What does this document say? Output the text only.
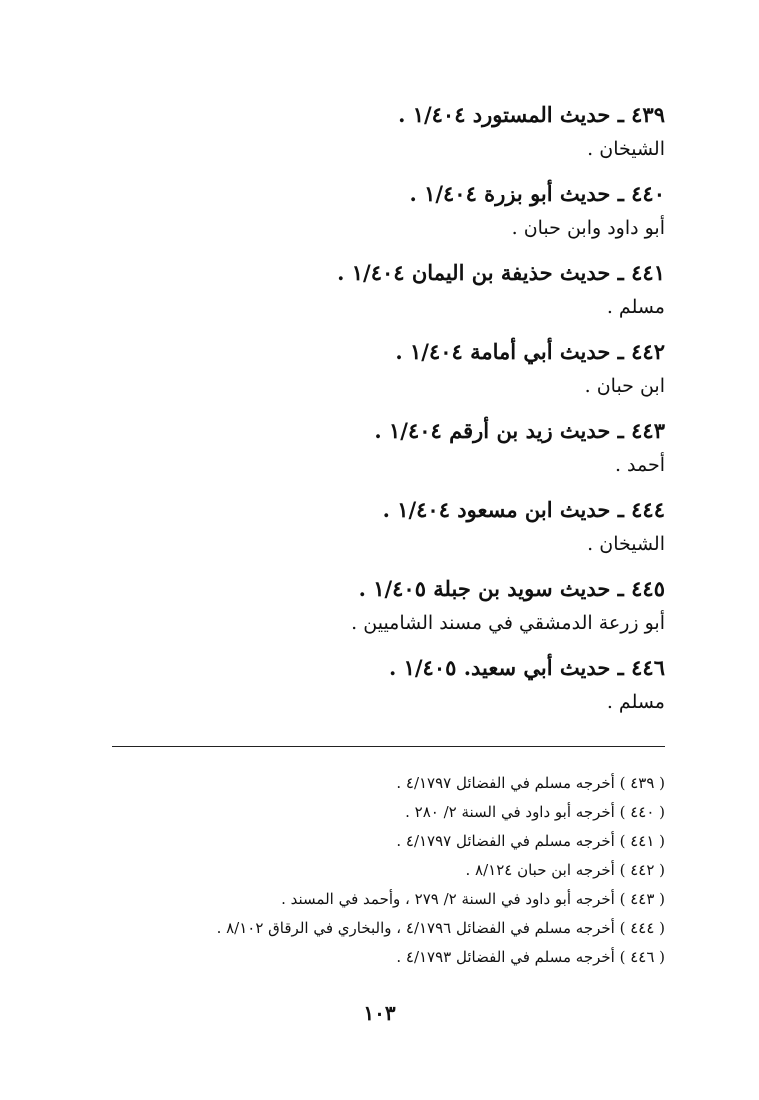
٤٣٩ ـ حديث المستورد ١/٤٠٤ .
الشيخان .
٤٤٠ ـ حديث أبو بزرة ١/٤٠٤ .
أبو داود وابن حبان .
٤٤١ ـ حديث حذيفة بن اليمان ١/٤٠٤ .
مسلم .
٤٤٢ ـ حديث أبي أمامة ١/٤٠٤ .
ابن حبان .
٤٤٣ ـ حديث زيد بن أرقم ١/٤٠٤ .
أحمد .
٤٤٤ ـ حديث ابن مسعود ١/٤٠٤ .
الشيخان .
٤٤٥ ـ حديث سويد بن جبلة ١/٤٠٥ .
أبو زرعة الدمشقي في مسند الشاميين .
٤٤٦ ـ حديث أبي سعيد. ١/٤٠٥ .
مسلم .
( ٤٣٩ ) أخرجه مسلم في الفضائل ٤/١٧٩٧ .
( ٤٤٠ ) أخرجه أبو داود في السنة ٢/ ٢٨٠ .
( ٤٤١ ) أخرجه مسلم في الفضائل ٤/١٧٩٧ .
( ٤٤٢ ) أخرجه ابن حبان ٨/١٢٤ .
( ٤٤٣ ) أخرجه أبو داود في السنة ٢/ ٢٧٩ ، وأحمد في المسند .
( ٤٤٤ ) أخرجه مسلم في الفضائل ٤/١٧٩٦ ، والبخاري في الرقاق ٨/١٠٢ .
( ٤٤٦ ) أخرجه مسلم في الفضائل ٤/١٧٩٣ .
١٠٣
